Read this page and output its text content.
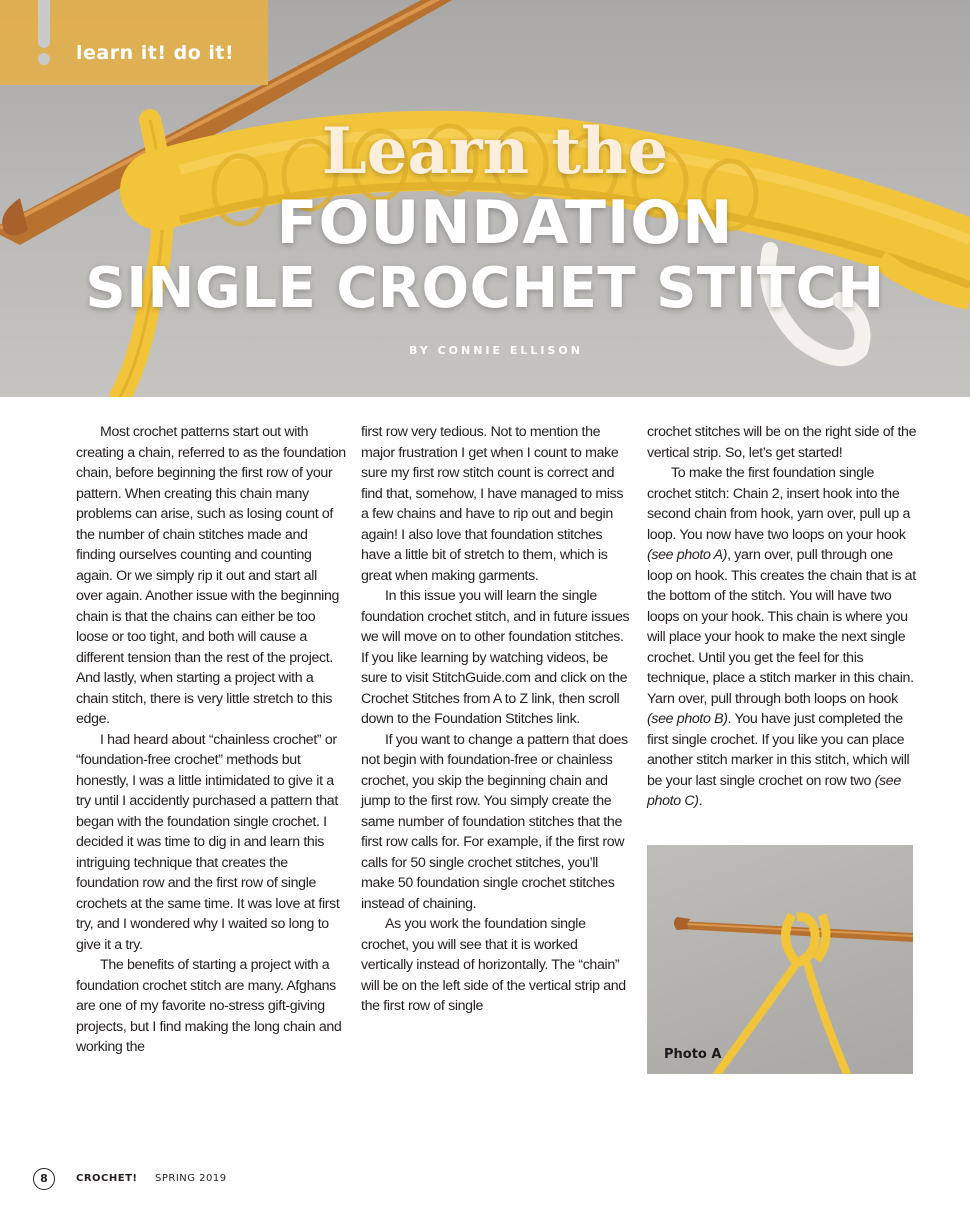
learn it! do it!
Learn the
FOUNDATION
SINGLE CROCHET STITCH
BY CONNIE ELLISON

Most crochet patterns start out with creating a chain, referred to as the foundation chain, before beginning the first row of your pattern. When creating this chain many problems can arise, such as losing count of the number of chain stitches made and finding ourselves counting and counting again. Or we simply rip it out and start all over again. Another issue with the beginning chain is that the chains can either be too loose or too tight, and both will cause a different tension than the rest of the project. And lastly, when starting a project with a chain stitch, there is very little stretch to this edge.

I had heard about “chainless crochet” or “foundation-free crochet” methods but honestly, I was a little intimidated to give it a try until I accidently purchased a pattern that began with the foundation single crochet. I decided it was time to dig in and learn this intriguing technique that creates the foundation row and the first row of single crochets at the same time. It was love at first try, and I wondered why I waited so long to give it a try.

The benefits of starting a project with a foundation crochet stitch are many. Afghans are one of my favorite no-stress gift-giving projects, but I find making the long chain and working the

first row very tedious. Not to mention the major frustration I get when I count to make sure my first row stitch count is correct and find that, somehow, I have managed to miss a few chains and have to rip out and begin again! I also love that foundation stitches have a little bit of stretch to them, which is great when making garments.

In this issue you will learn the single foundation crochet stitch, and in future issues we will move on to other foundation stitches. If you like learning by watching videos, be sure to visit StitchGuide.com and click on the Crochet Stitches from A to Z link, then scroll down to the Foundation Stitches link.

If you want to change a pattern that does not begin with foundation-free or chainless crochet, you skip the beginning chain and jump to the first row. You simply create the same number of foundation stitches that the first row calls for. For example, if the first row calls for 50 single crochet stitches, you’ll make 50 foundation single crochet stitches instead of chaining.

As you work the foundation single crochet, you will see that it is worked vertically instead of horizontally. The “chain” will be on the left side of the vertical strip and the first row of single

crochet stitches will be on the right side of the vertical strip. So, let’s get started!

To make the first foundation single crochet stitch: Chain 2, insert hook into the second chain from hook, yarn over, pull up a loop. You now have two loops on your hook (see photo A), yarn over, pull through one loop on hook. This creates the chain that is at the bottom of the stitch. You will have two loops on your hook. This chain is where you will place your hook to make the next single crochet. Until you get the feel for this technique, place a stitch marker in this chain. Yarn over, pull through both loops on hook (see photo B). You have just completed the first single crochet. If you like you can place another stitch marker in this stitch, which will be your last single crochet on row two (see photo C).

Photo A
8	CROCHET! SPRING 2019
